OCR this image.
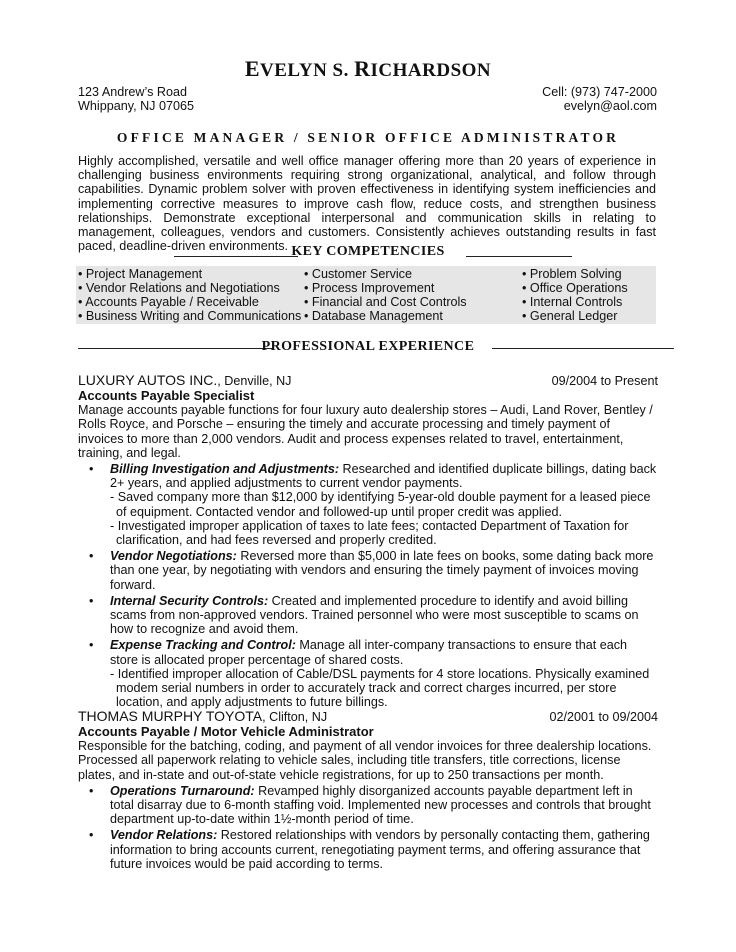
EVELYN S. RICHARDSON
123 Andrew’s Road
Whippany, NJ 07065
Cell: (973) 747-2000
evelyn@aol.com
OFFICE MANAGER / SENIOR OFFICE ADMINISTRATOR
Highly accomplished, versatile and well office manager offering more than 20 years of experience in challenging business environments requiring strong organizational, analytical, and follow through capabilities. Dynamic problem solver with proven effectiveness in identifying system inefficiencies and implementing corrective measures to improve cash flow, reduce costs, and strengthen business relationships. Demonstrate exceptional interpersonal and communication skills in relating to management, colleagues, vendors and customers. Consistently achieves outstanding results in fast paced, deadline-driven environments. KEY COMPETENCIES
• Project Management
• Vendor Relations and Negotiations
• Accounts Payable / Receivable
• Business Writing and Communications
• Customer Service
• Process Improvement
• Financial and Cost Controls
• Database Management
• Problem Solving
• Office Operations
• Internal Controls
• General Ledger
PROFESSIONAL EXPERIENCE
LUXURY AUTOS INC., Denville, NJ	09/2004 to Present
Accounts Payable Specialist
Manage accounts payable functions for four luxury auto dealership stores – Audi, Land Rover, Bentley / Rolls Royce, and Porsche – ensuring the timely and accurate processing and timely payment of invoices to more than 2,000 vendors. Audit and process expenses related to travel, entertainment, training, and legal.
• Billing Investigation and Adjustments: Researched and identified duplicate billings, dating back 2+ years, and applied adjustments to current vendor payments.
- Saved company more than $12,000 by identifying 5-year-old double payment for a leased piece of equipment. Contacted vendor and followed-up until proper credit was applied.
- Investigated improper application of taxes to late fees; contacted Department of Taxation for clarification, and had fees reversed and properly credited.
• Vendor Negotiations: Reversed more than $5,000 in late fees on books, some dating back more than one year, by negotiating with vendors and ensuring the timely payment of invoices moving forward.
• Internal Security Controls: Created and implemented procedure to identify and avoid billing scams from non-approved vendors. Trained personnel who were most susceptible to scams on how to recognize and avoid them.
• Expense Tracking and Control: Manage all inter-company transactions to ensure that each store is allocated proper percentage of shared costs.
- Identified improper allocation of Cable/DSL payments for 4 store locations. Physically examined modem serial numbers in order to accurately track and correct charges incurred, per store location, and apply adjustments to future billings.
THOMAS MURPHY TOYOTA, Clifton, NJ	02/2001 to 09/2004
Accounts Payable / Motor Vehicle Administrator
Responsible for the batching, coding, and payment of all vendor invoices for three dealership locations. Processed all paperwork relating to vehicle sales, including title transfers, title corrections, license plates, and in-state and out-of-state vehicle registrations, for up to 250 transactions per month.
• Operations Turnaround: Revamped highly disorganized accounts payable department left in total disarray due to 6-month staffing void. Implemented new processes and controls that brought department up-to-date within 1½-month period of time.
• Vendor Relations: Restored relationships with vendors by personally contacting them, gathering information to bring accounts current, renegotiating payment terms, and offering assurance that future invoices would be paid according to terms.
